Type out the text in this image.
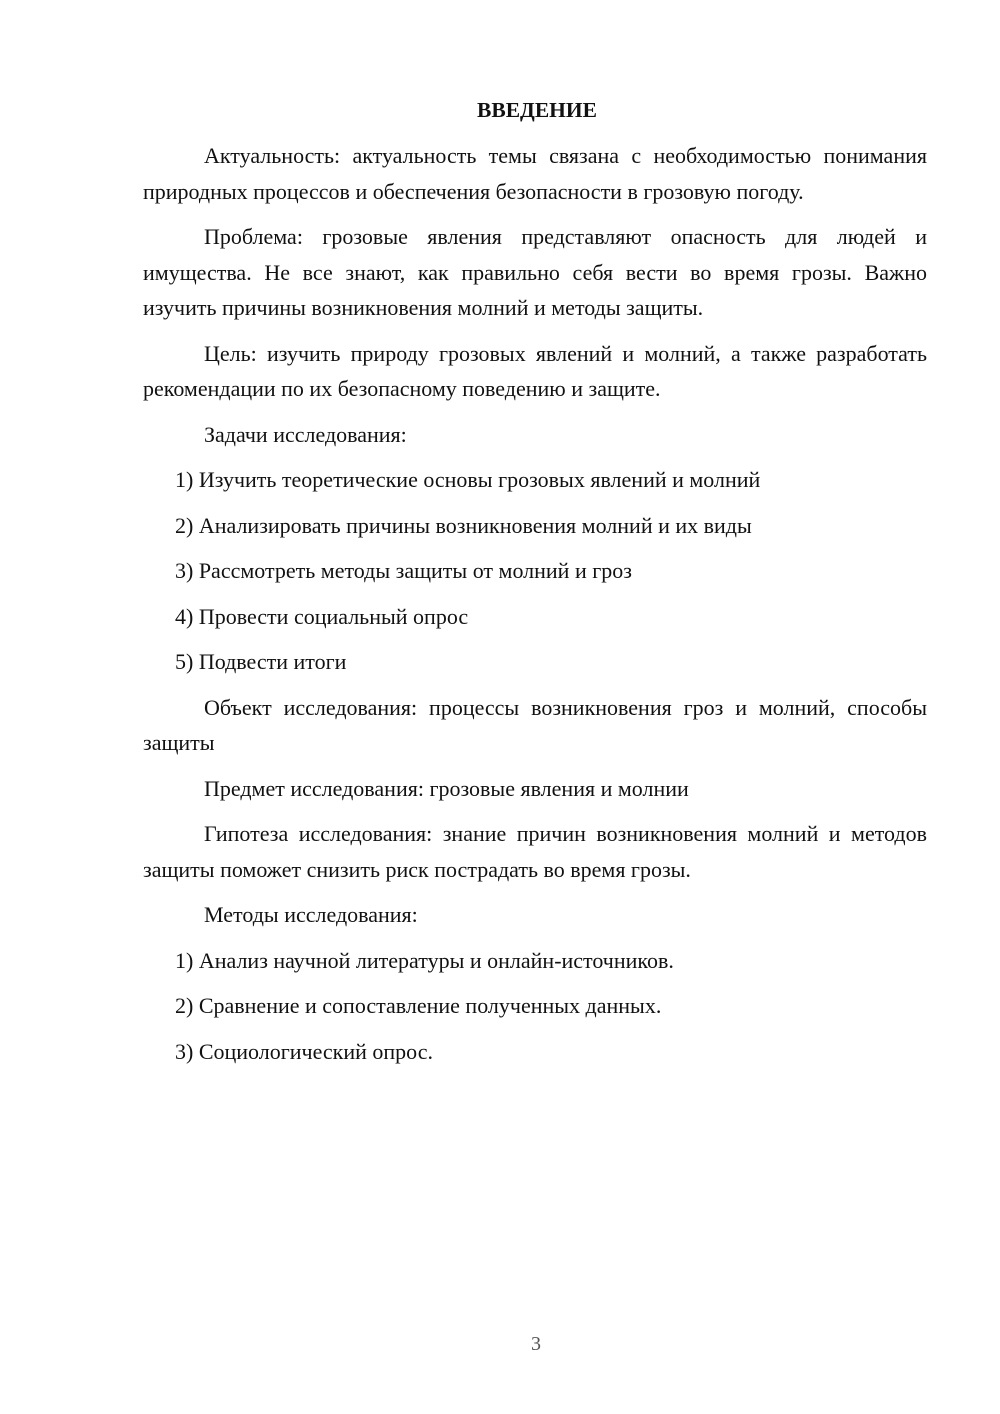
ВВЕДЕНИЕ

Актуальность: актуальность темы связана с необходимостью понимания природных процессов и обеспечения безопасности в грозовую погоду.

Проблема: грозовые явления представляют опасность для людей и имущества. Не все знают, как правильно себя вести во время грозы. Важно изучить причины возникновения молний и методы защиты.

Цель: изучить природу грозовых явлений и молний, а также разработать рекомендации по их безопасному поведению и защите.

Задачи исследования:

1) Изучить теоретические основы грозовых явлений и молний

2) Анализировать причины возникновения молний и их виды

3) Рассмотреть методы защиты от молний и гроз

4) Провести социальный опрос

5) Подвести итоги

Объект исследования: процессы возникновения гроз и молний, способы защиты

Предмет исследования: грозовые явления и молнии

Гипотеза исследования: знание причин возникновения молний и методов защиты поможет снизить риск пострадать во время грозы.

Методы исследования:

1) Анализ научной литературы и онлайн-источников.

2) Сравнение и сопоставление полученных данных.

3) Социологический опрос.

3
